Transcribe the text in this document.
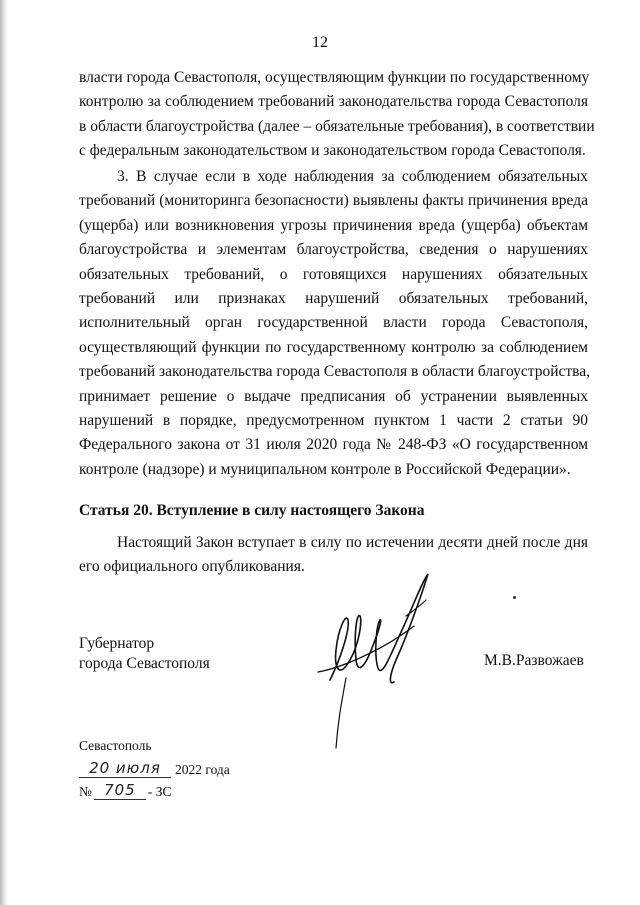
12
власти города Севастополя, осуществляющим функции по государственному
контролю за соблюдением требований законодательства города Севастополя
в области благоустройства (далее – обязательные требования), в соответствии
с федеральным законодательством и законодательством города Севастополя.
3. В случае если в ходе наблюдения за соблюдением обязательных
требований (мониторинга безопасности) выявлены факты причинения вреда
(ущерба) или возникновения угрозы причинения вреда (ущерба) объектам
благоустройства и элементам благоустройства, сведения о нарушениях
обязательных требований, о готовящихся нарушениях обязательных
требований или признаках нарушений обязательных требований,
исполнительный орган государственной власти города Севастополя,
осуществляющий функции по государственному контролю за соблюдением
требований законодательства города Севастополя в области благоустройства,
принимает решение о выдаче предписания об устранении выявленных
нарушений в порядке, предусмотренном пунктом 1 части 2 статьи 90
Федерального закона от 31 июля 2020 года № 248-ФЗ «О государственном
контроле (надзоре) и муниципальном контроле в Российской Федерации».
Статья 20. Вступление в силу настоящего Закона
Настоящий Закон вступает в силу по истечении десяти дней после дня
его официального опубликования.
Губернатор
города Севастополя	М.В.Развожаев
Севастополь
20 июля	2022 года
№ 705 - ЗС
